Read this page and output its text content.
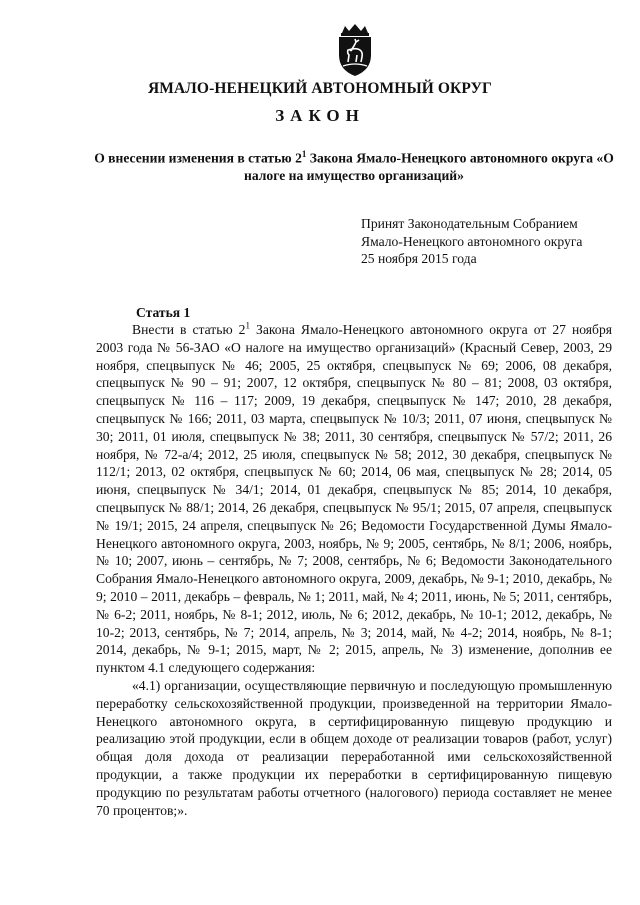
ЯМАЛО-НЕНЕЦКИЙ АВТОНОМНЫЙ ОКРУГ
ЗАКОН
О внесении изменения в статью $2^1$ Закона Ямало-Ненецкого автономного округа «О налоге на имущество организаций»
Принят Законодательным Собранием
Ямало-Ненецкого автономного округа
25 ноября 2015 года
Статья 1

Внести в статью $2^1$ Закона Ямало-Ненецкого автономного округа от 27 ноября 2003 года № 56-ЗАО «О налоге на имущество организаций» (Красный Север, 2003, 29 ноября, спецвыпуск № 46; 2005, 25 октября, спецвыпуск № 69; 2006, 08 декабря, спецвыпуск № 90 – 91; 2007, 12 октября, спецвыпуск № 80 – 81; 2008, 03 октября, спецвыпуск № 116 – 117; 2009, 19 декабря, спецвыпуск № 147; 2010, 28 декабря, спецвыпуск № 166; 2011, 03 марта, спецвыпуск № 10/3; 2011, 07 июня, спецвыпуск № 30; 2011, 01 июля, спецвыпуск № 38; 2011, 30 сентября, спецвыпуск № 57/2; 2011, 26 ноября, № 72-а/4; 2012, 25 июля, спецвыпуск № 58; 2012, 30 декабря, спецвыпуск № 112/1; 2013, 02 октября, спецвыпуск № 60; 2014, 06 мая, спецвыпуск № 28; 2014, 05 июня, спецвыпуск № 34/1; 2014, 01 декабря, спецвыпуск № 85; 2014, 10 декабря, спецвыпуск № 88/1; 2014, 26 декабря, спецвыпуск № 95/1; 2015, 07 апреля, спецвыпуск № 19/1; 2015, 24 апреля, спецвыпуск № 26; Ведомости Государственной Думы Ямало-Ненецкого автономного округа, 2003, ноябрь, № 9; 2005, сентябрь, № 8/1; 2006, ноябрь, № 10; 2007, июнь – сентябрь, № 7; 2008, сентябрь, № 6; Ведомости Законодательного Собрания Ямало-Ненецкого автономного округа, 2009, декабрь, № 9-1; 2010, декабрь, № 9; 2010 – 2011, декабрь – февраль, № 1; 2011, май, № 4; 2011, июнь, № 5; 2011, сентябрь, № 6-2; 2011, ноябрь, № 8-1; 2012, июль, № 6; 2012, декабрь, № 10-1; 2012, декабрь, № 10-2; 2013, сентябрь, № 7; 2014, апрель, № 3; 2014, май, № 4-2; 2014, ноябрь, № 8-1; 2014, декабрь, № 9-1; 2015, март, № 2; 2015, апрель, № 3) изменение, дополнив ее пунктом 4.1 следующего содержания:

«4.1) организации, осуществляющие первичную и последующую промышленную переработку сельскохозяйственной продукции, произведенной на территории Ямало-Ненецкого автономного округа, в сертифицированную пищевую продукцию и реализацию этой продукции, если в общем доходе от реализации товаров (работ, услуг) общая доля дохода от реализации переработанной ими сельскохозяйственной продукции, а также продукции их переработки в сертифицированную пищевую продукцию по результатам работы отчетного (налогового) периода составляет не менее 70 процентов;».
